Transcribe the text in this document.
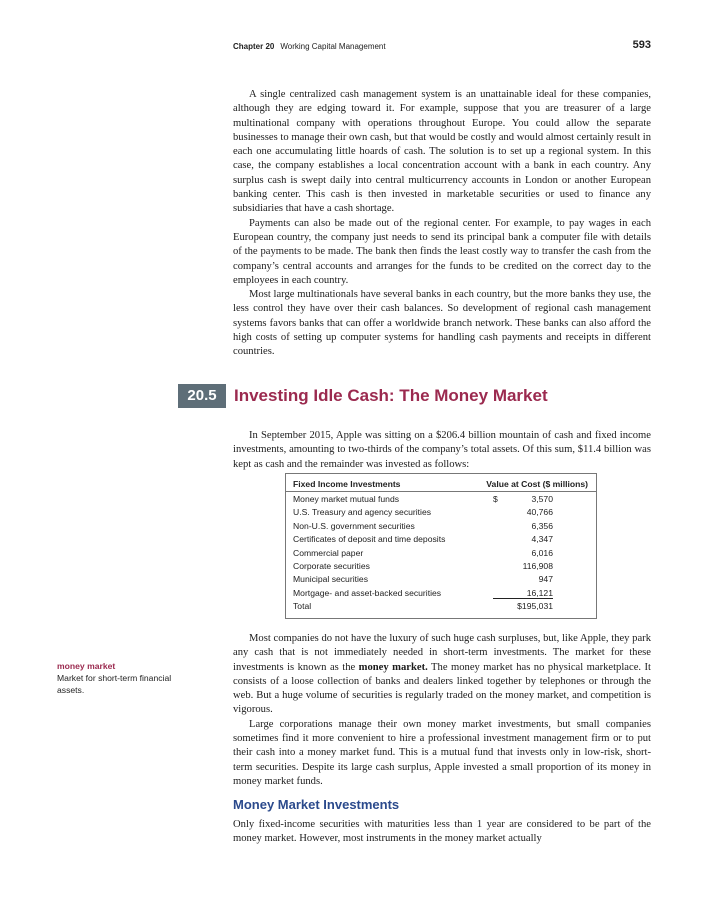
Chapter 20 Working Capital Management	593

A single centralized cash management system is an unattainable ideal for these companies, although they are edging toward it. For example, suppose that you are treasurer of a large multinational company with operations throughout Europe. You could allow the separate businesses to manage their own cash, but that would be costly and would almost certainly result in each one accumulating little hoards of cash. The solution is to set up a regional system. In this case, the company establishes a local concentration account with a bank in each country. Any surplus cash is swept daily into central multicurrency accounts in London or another European banking center. This cash is then invested in marketable securities or used to finance any subsidiaries that have a cash shortage.

Payments can also be made out of the regional center. For example, to pay wages in each European country, the company just needs to send its principal bank a computer file with details of the payments to be made. The bank then finds the least costly way to transfer the cash from the company’s central accounts and arranges for the funds to be credited on the correct day to the employees in each country.

Most large multinationals have several banks in each country, but the more banks they use, the less control they have over their cash balances. So development of regional cash management systems favors banks that can offer a worldwide branch network. These banks can also afford the high costs of setting up computer systems for handling cash payments and receipts in different countries.

20.5	Investing Idle Cash: The Money Market

In September 2015, Apple was sitting on a $206.4 billion mountain of cash and fixed income investments, amounting to two-thirds of the company’s total assets. Of this sum, $11.4 billion was kept as cash and the remainder was invested as follows:

Fixed Income Investments	Value at Cost ($ millions)
Money market mutual funds	$	3,570
U.S. Treasury and agency securities	40,766
Non-U.S. government securities	6,356
Certificates of deposit and time deposits	4,347
Commercial paper	6,016
Corporate securities	116,908
Municipal securities	947
Mortgage- and asset-backed securities	16,121
Total	$195,031

Most companies do not have the luxury of such huge cash surpluses, but, like Apple, they park any cash that is not immediately needed in short-term investments. The market for these investments is known as the money market. The money market has no physical marketplace. It consists of a loose collection of banks and dealers linked together by telephones or through the web. But a huge volume of securities is regularly traded on the money market, and competition is vigorous.

Large corporations manage their own money market investments, but small companies sometimes find it more convenient to hire a professional investment management firm or to put their cash into a money market fund. This is a mutual fund that invests only in low-risk, short-term securities. Despite its large cash surplus, Apple invested a small proportion of its money in money market funds.

money market
Market for short-term financial assets.
Money Market Investments

Only fixed-income securities with maturities less than 1 year are considered to be part of the money market. However, most instruments in the money market actually
